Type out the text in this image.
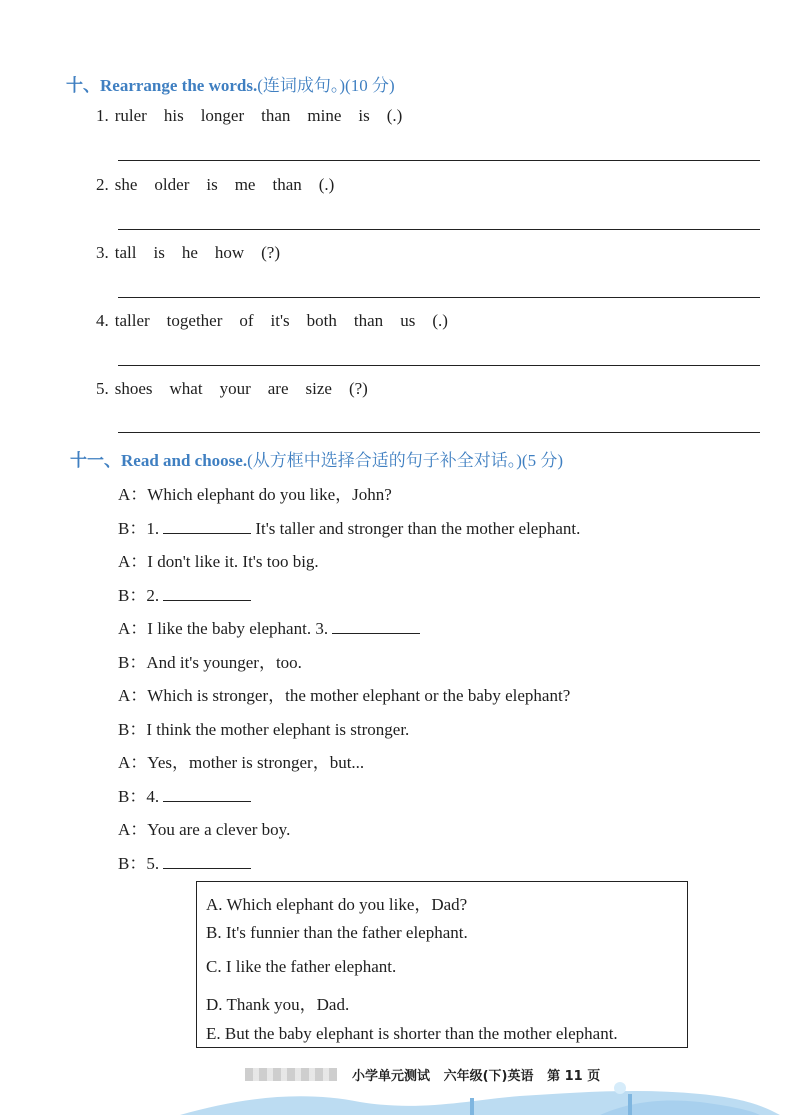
十、Rearrange the words.(连词成句。)(10 分)
1. ruler his longer than mine is (.)
2. she older is me than (.)
3. tall is he how (?)
4. taller together of it's both than us (.)
5. shoes what your are size (?)
十一、Read and choose.(从方框中选择合适的句子补全对话。)(5 分)
A：Which elephant do you like，John?
B：1.	It's taller and stronger than the mother elephant.
A：I don't like it. It's too big.
B：2.
A：I like the baby elephant. 3.
B：And it's younger，too.
A：Which is stronger，the mother elephant or the baby elephant?
B：I think the mother elephant is stronger.
A：Yes，mother is stronger，but...
B：4.
A：You are a clever boy.
B：5.
A. Which elephant do you like，Dad?
B. It's funnier than the father elephant.
C. I like the father elephant.
D. Thank you，Dad.
E. But the baby elephant is shorter than the mother elephant.
小学单元测试 六年级(下)英语 第 11 页
